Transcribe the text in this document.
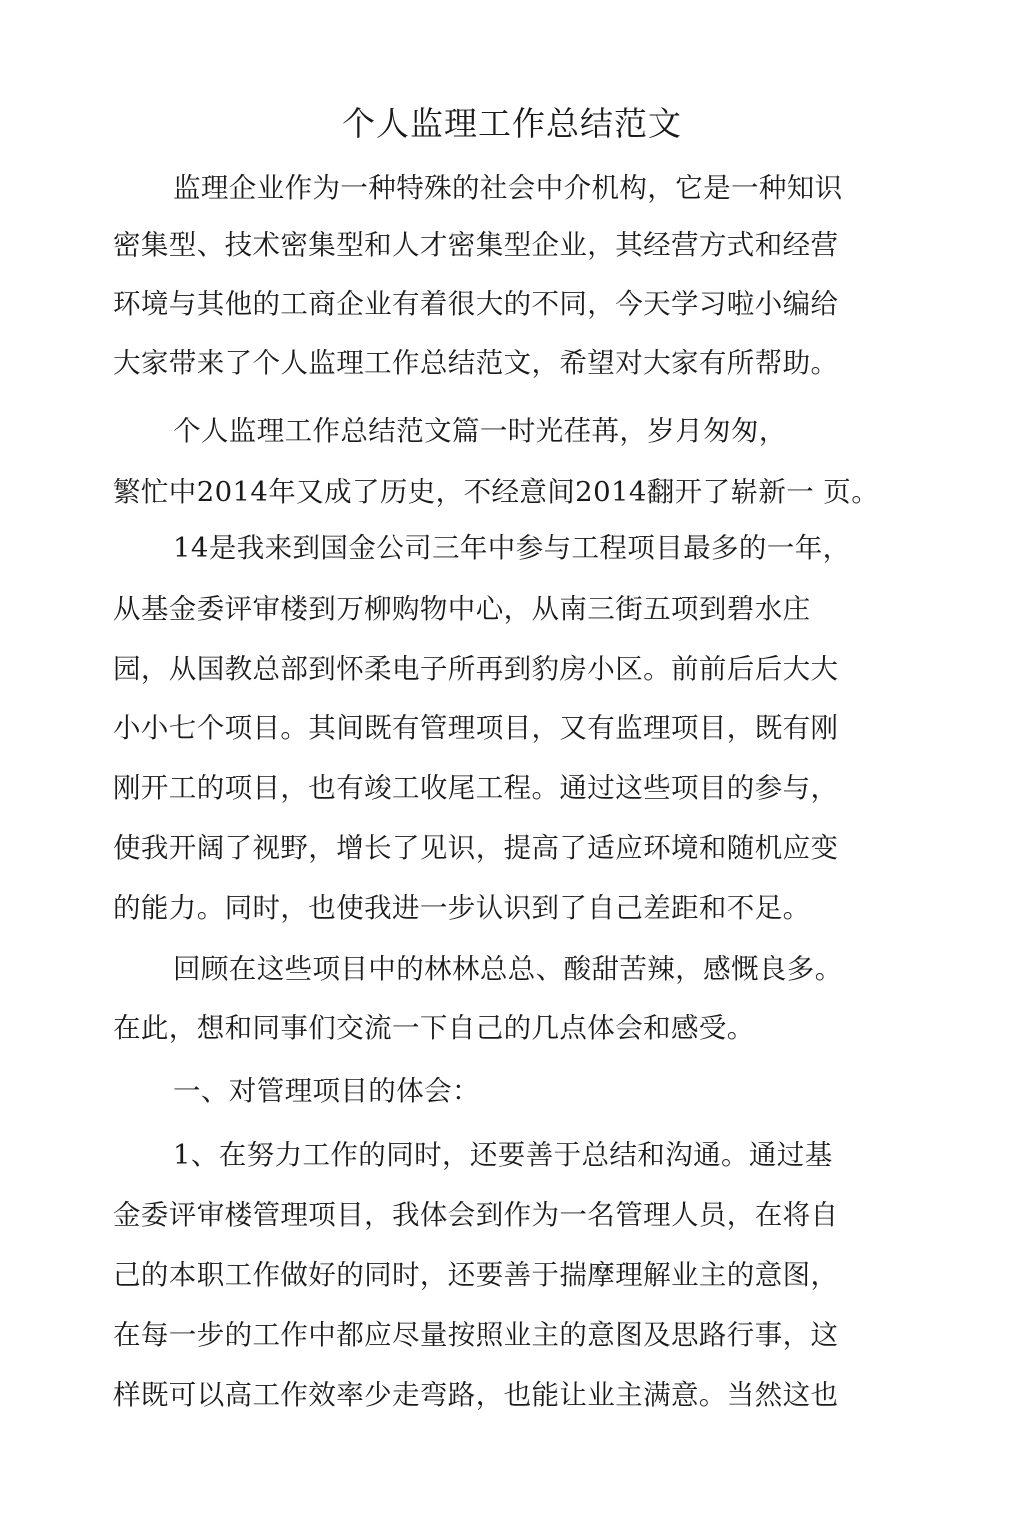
个人监理工作总结范文
监理企业作为一种特殊的社会中介机构，它是一种知识
密集型、技术密集型和人才密集型企业，其经营方式和经营
环境与其他的工商企业有着很大的不同，今天学习啦小编给
大家带来了个人监理工作总结范文，希望对大家有所帮助。
个人监理工作总结范文篇一时光荏苒，岁月匆匆，
繁忙中2014年又成了历史，不经意间2014翻开了崭新一 页。
14是我来到国金公司三年中参与工程项目最多的一年，
从基金委评审楼到万柳购物中心，从南三街五项到碧水庄
园，从国教总部到怀柔电子所再到豹房小区。前前后后大大
小小七个项目。其间既有管理项目，又有监理项目，既有刚
刚开工的项目，也有竣工收尾工程。通过这些项目的参与，
使我开阔了视野，增长了见识，提高了适应环境和随机应变
的能力。同时，也使我进一步认识到了自己差距和不足。
回顾在这些项目中的林林总总、酸甜苦辣，感慨良多。
在此，想和同事们交流一下自己的几点体会和感受。
一、对管理项目的体会：
1、在努力工作的同时，还要善于总结和沟通。通过基
金委评审楼管理项目，我体会到作为一名管理人员，在将自
己的本职工作做好的同时，还要善于揣摩理解业主的意图，
在每一步的工作中都应尽量按照业主的意图及思路行事，这
样既可以高工作效率少走弯路，也能让业主满意。当然这也
